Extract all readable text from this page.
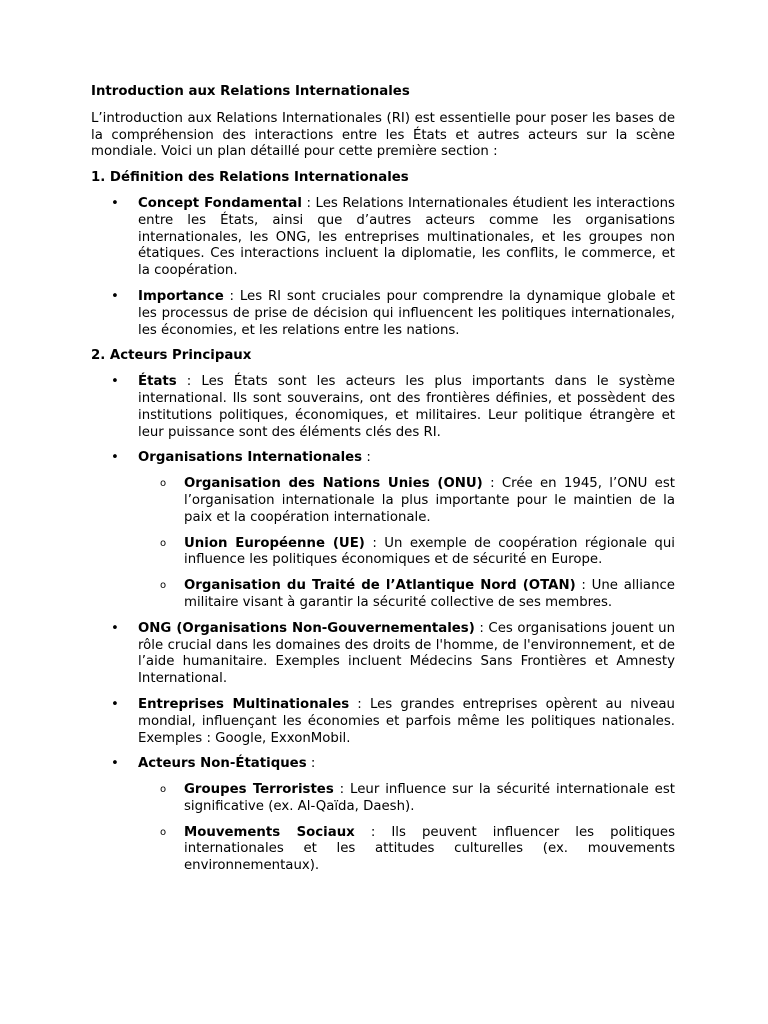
Introduction aux Relations Internationales

L’introduction aux Relations Internationales (RI) est essentielle pour poser les bases de la compréhension des interactions entre les États et autres acteurs sur la scène mondiale. Voici un plan détaillé pour cette première section :

1. Définition des Relations Internationales

• Concept Fondamental : Les Relations Internationales étudient les interactions entre les États, ainsi que d’autres acteurs comme les organisations internationales, les ONG, les entreprises multinationales, et les groupes non étatiques. Ces interactions incluent la diplomatie, les conflits, le commerce, et la coopération.
• Importance : Les RI sont cruciales pour comprendre la dynamique globale et les processus de prise de décision qui influencent les politiques internationales, les économies, et les relations entre les nations.

2. Acteurs Principaux

• États : Les États sont les acteurs les plus importants dans le système international. Ils sont souverains, ont des frontières définies, et possèdent des institutions politiques, économiques, et militaires. Leur politique étrangère et leur puissance sont des éléments clés des RI.
• Organisations Internationales :
o Organisation des Nations Unies (ONU) : Crée en 1945, l’ONU est l’organisation internationale la plus importante pour le maintien de la paix et la coopération internationale.
o Union Européenne (UE) : Un exemple de coopération régionale qui influence les politiques économiques et de sécurité en Europe.
o Organisation du Traité de l’Atlantique Nord (OTAN) : Une alliance militaire visant à garantir la sécurité collective de ses membres.
• ONG (Organisations Non-Gouvernementales) : Ces organisations jouent un rôle crucial dans les domaines des droits de l'homme, de l'environnement, et de l’aide humanitaire. Exemples incluent Médecins Sans Frontières et Amnesty International.
• Entreprises Multinationales : Les grandes entreprises opèrent au niveau mondial, influençant les économies et parfois même les politiques nationales. Exemples : Google, ExxonMobil.
• Acteurs Non-Étatiques :
o Groupes Terroristes : Leur influence sur la sécurité internationale est significative (ex. Al-Qaïda, Daesh).
o Mouvements Sociaux : Ils peuvent influencer les politiques internationales et les attitudes culturelles (ex. mouvements environnementaux).
